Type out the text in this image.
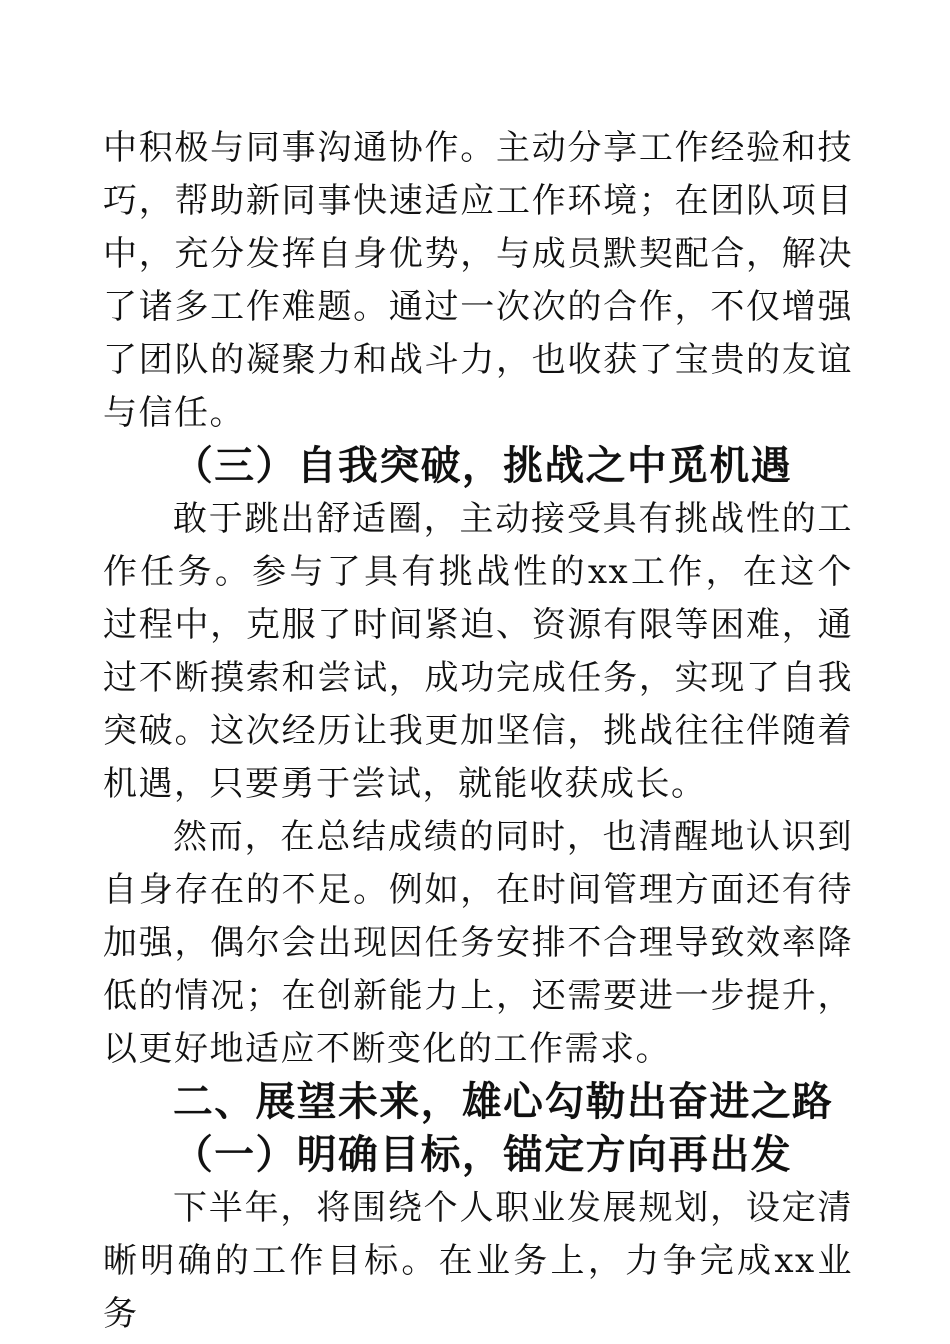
中积极与同事沟通协作。主动分享工作经验和技巧，帮助新同事快速适应工作环境；在团队项目中，充分发挥自身优势，与成员默契配合，解决了诸多工作难题。通过一次次的合作，不仅增强了团队的凝聚力和战斗力，也收获了宝贵的友谊与信任。

（三）自我突破，挑战之中觅机遇

敢于跳出舒适圈，主动接受具有挑战性的工作任务。参与了具有挑战性的xx工作，在这个过程中，克服了时间紧迫、资源有限等困难，通过不断摸索和尝试，成功完成任务，实现了自我突破。这次经历让我更加坚信，挑战往往伴随着机遇，只要勇于尝试，就能收获成长。

然而，在总结成绩的同时，也清醒地认识到自身存在的不足。例如，在时间管理方面还有待加强，偶尔会出现因任务安排不合理导致效率降低的情况；在创新能力上，还需要进一步提升，以更好地适应不断变化的工作需求。

二、展望未来，雄心勾勒出奋进之路
（一）明确目标，锚定方向再出发

下半年，将围绕个人职业发展规划，设定清晰明确的工作目标。在业务上，力争完成xx业务
